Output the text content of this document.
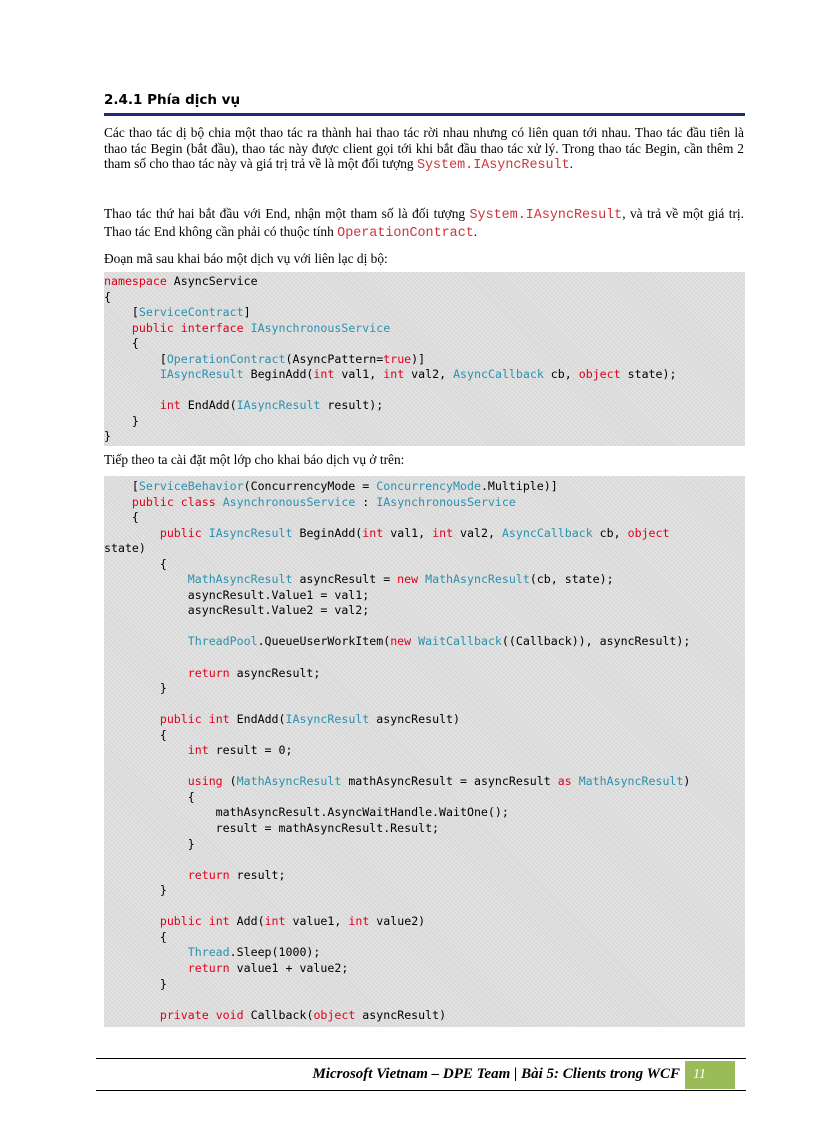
2.4.1 Phía dịch vụ

Các thao tác dị bộ chia một thao tác ra thành hai thao tác rời nhau nhưng có liên quan tới nhau. Thao tác đầu tiên là thao tác Begin (bắt đầu), thao tác này được client gọi tới khi bắt đầu thao tác xử lý. Trong thao tác Begin, cần thêm 2 tham số cho thao tác này và giá trị trả về là một đối tượng System.IAsyncResult.

Thao tác thứ hai bắt đầu với End, nhận một tham số là đối tượng System.IAsyncResult, và trả về một giá trị. Thao tác End không cần phải có thuộc tính OperationContract.

Đoạn mã sau khai báo một dịch vụ với liên lạc dị bộ:

namespace AsyncService
{
[ServiceContract]
public interface IAsynchronousService
{
[OperationContract(AsyncPattern=true)]
IAsyncResult BeginAdd(int val1, int val2, AsyncCallback cb, object state);
int EndAdd(IAsyncResult result);
}
}

Tiếp theo ta cài đặt một lớp cho khai báo dịch vụ ở trên:

[ServiceBehavior(ConcurrencyMode = ConcurrencyMode.Multiple)]
public class AsynchronousService : IAsynchronousService
{
public IAsyncResult BeginAdd(int val1, int val2, AsyncCallback cb, object
state)
{
MathAsyncResult asyncResult = new MathAsyncResult(cb, state);
asyncResult.Value1 = val1;
asyncResult.Value2 = val2;
ThreadPool.QueueUserWorkItem(new WaitCallback((Callback)), asyncResult);
return asyncResult;
}
public int EndAdd(IAsyncResult asyncResult)
{
int result = 0;
using (MathAsyncResult mathAsyncResult = asyncResult as MathAsyncResult)
{
mathAsyncResult.AsyncWaitHandle.WaitOne();
result = mathAsyncResult.Result;
}
return result;
}
public int Add(int value1, int value2)
{
Thread.Sleep(1000);
return value1 + value2;
}
private void Callback(object asyncResult)
Microsoft Vietnam – DPE Team | Bài 5: Clients trong WCF 11
